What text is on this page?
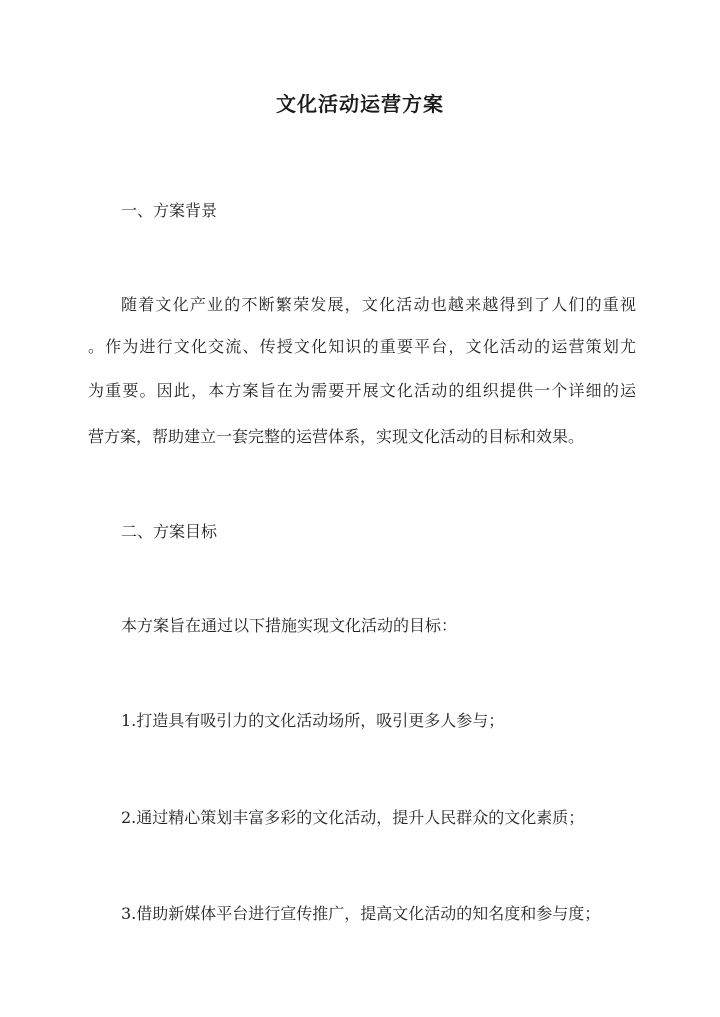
文化活动运营方案
一、方案背景
随着文化产业的不断繁荣发展，文化活动也越来越得到了人们的重视
。作为进行文化交流、传授文化知识的重要平台，文化活动的运营策划尤
为重要。因此，本方案旨在为需要开展文化活动的组织提供一个详细的运
营方案，帮助建立一套完整的运营体系，实现文化活动的目标和效果。
二、方案目标
本方案旨在通过以下措施实现文化活动的目标：
1.打造具有吸引力的文化活动场所，吸引更多人参与；
2.通过精心策划丰富多彩的文化活动，提升人民群众的文化素质；
3.借助新媒体平台进行宣传推广，提高文化活动的知名度和参与度；
